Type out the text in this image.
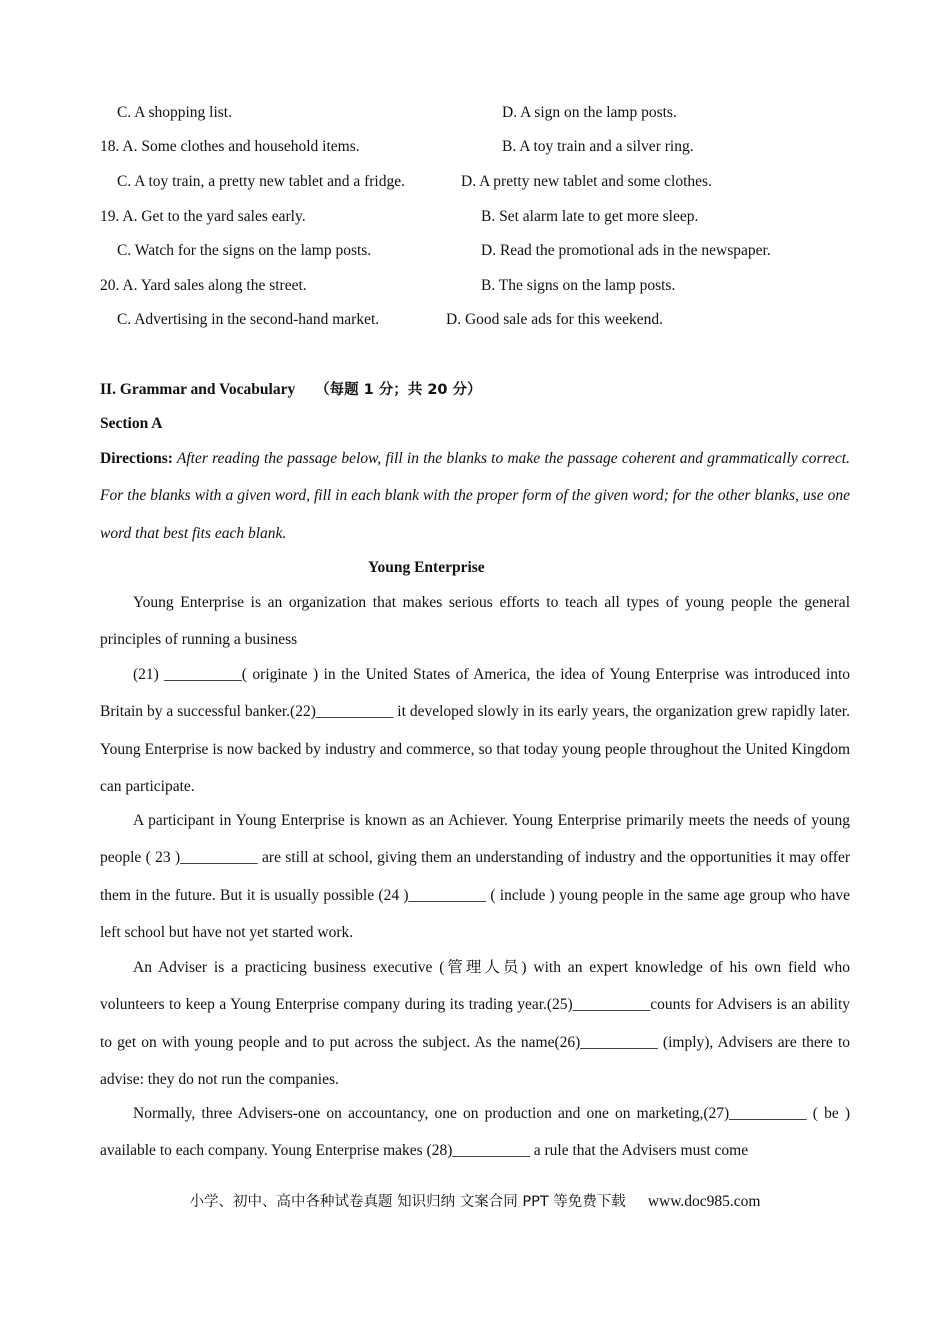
C. A shopping list.	D. A sign on the lamp posts.
18. A. Some clothes and household items.	B. A toy train and a silver ring.
C. A toy train, a pretty new tablet and a fridge.	D. A pretty new tablet and some clothes.
19. A. Get to the yard sales early.	B. Set alarm late to get more sleep.
C. Watch for the signs on the lamp posts.	D. Read the promotional ads in the newspaper.
20. A. Yard sales along the street.	B. The signs on the lamp posts.
C. Advertising in the second-hand market.	D. Good sale ads for this weekend.
II. Grammar and Vocabulary （每题 1 分；共 20 分）
Section A

Directions: After reading the passage below, fill in the blanks to make the passage coherent and grammatically correct. For the blanks with a given word, fill in each blank with the proper form of the given word; for the other blanks, use one word that best fits each blank.

Young Enterprise

Young Enterprise is an organization that makes serious efforts to teach all types of young people the general principles of running a business

(21) __________( originate ) in the United States of America, the idea of Young Enterprise was introduced into Britain by a successful banker.(22)__________ it developed slowly in its early years, the organization grew rapidly later. Young Enterprise is now backed by industry and commerce, so that today young people throughout the United Kingdom can participate.

A participant in Young Enterprise is known as an Achiever. Young Enterprise primarily meets the needs of young people ( 23 )__________ are still at school, giving them an understanding of industry and the opportunities it may offer them in the future. But it is usually possible (24 )__________ ( include ) young people in the same age group who have left school but have not yet started work.

An Adviser is a practicing business executive (管理人员) with an expert knowledge of his own field who volunteers to keep a Young Enterprise company during its trading year.(25)__________counts for Advisers is an ability to get on with young people and to put across the subject. As the name(26)__________ (imply), Advisers are there to advise: they do not run the companies.

Normally, three Advisers-one on accountancy, one on production and one on marketing,(27)__________ ( be ) available to each company. Young Enterprise makes (28)__________ a rule that the Advisers must come

小学、初中、高中各种试卷真题 知识归纳 文案合同 PPT 等免费下载 www.doc985.com
